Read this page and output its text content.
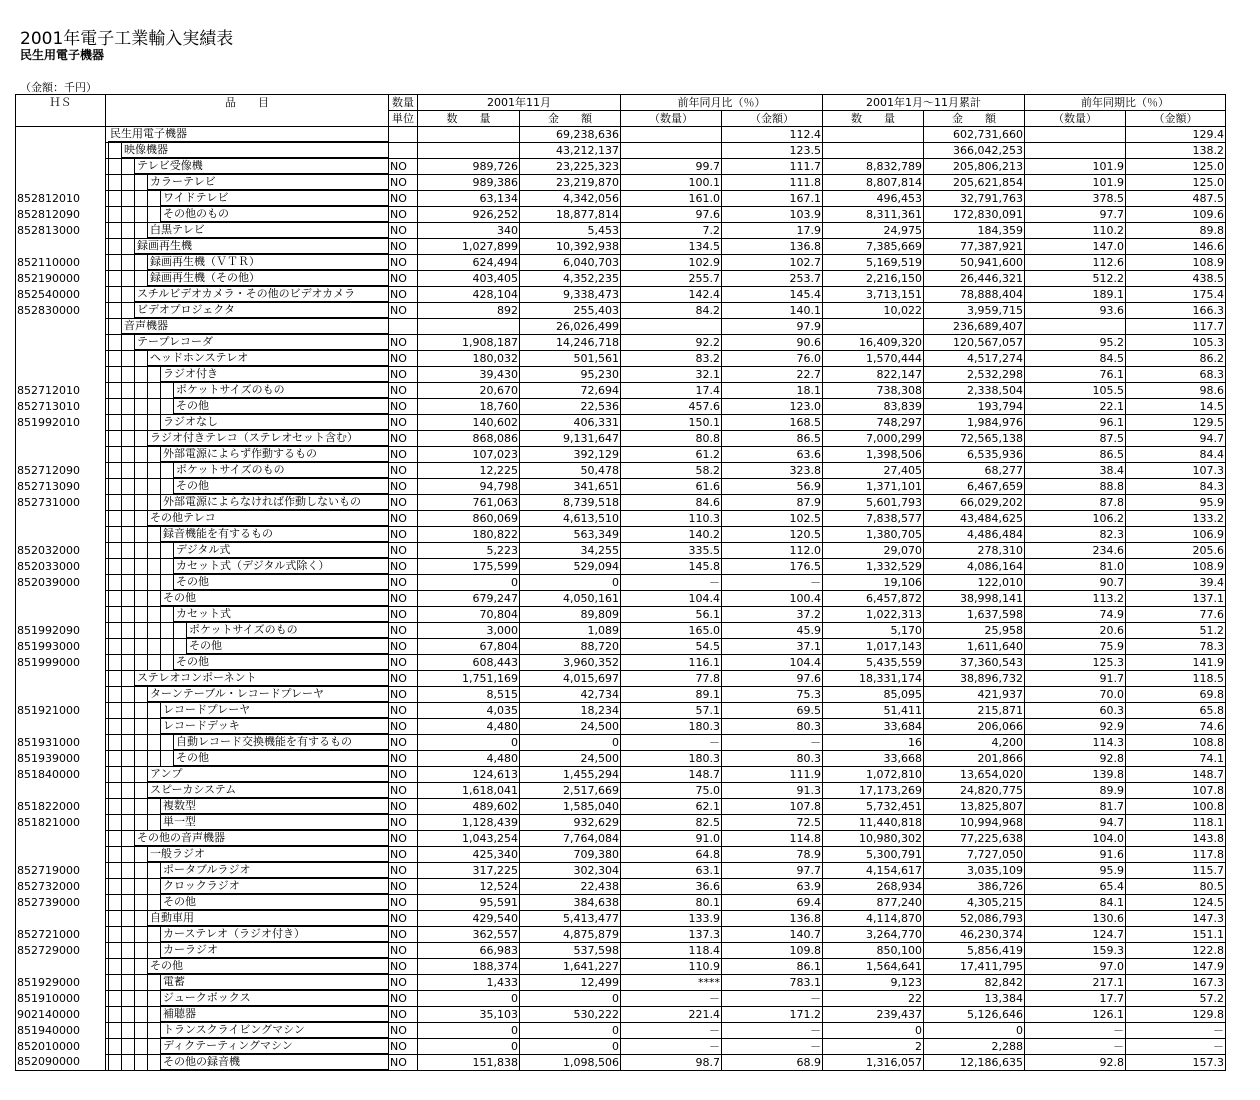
2001年電子工業輸入実績表
民生用電子機器
（金額：千円）
ＨＳ	品　　目	数量	2001年11月		前年同月比（％）		2001年1月～11月累計		前年同期比（％）	
		単位	数　　量	金　　額	（数量）	（金額）	数　　量	金　　額	（数量）	（金額）

	民生用電子機器			69,238,636		112.4		602,731,660		129.4

	映像機器			43,212,137		123.5		366,042,253		138.2

	テレビ受像機	NO	989,726	23,225,323	99.7	111.7	8,832,789	205,806,213	101.9	125.0

	カラーテレビ	NO	989,386	23,219,870	100.1	111.8	8,807,814	205,621,854	101.9	125.0
852812010	ワイドテレビ	NO	63,134	4,342,056	161.0	167.1	496,453	32,791,763	378.5	487.5
852812090	その他のもの	NO	926,252	18,877,814	97.6	103.9	8,311,361	172,830,091	97.7	109.6
852813000	白黒テレビ	NO	340	5,453	7.2	17.9	24,975	184,359	110.2	89.8

	録画再生機	NO	1,027,899	10,392,938	134.5	136.8	7,385,669	77,387,921	147.0	146.6
852110000	録画再生機（ＶＴＲ）	NO	624,494	6,040,703	102.9	102.7	5,169,519	50,941,600	112.6	108.9
852190000	録画再生機（その他）	NO	403,405	4,352,235	255.7	253.7	2,216,150	26,446,321	512.2	438.5
852540000	スチルビデオカメラ・その他のビデオカメラ	NO	428,104	9,338,473	142.4	145.4	3,713,151	78,888,404	189.1	175.4
852830000	ビデオプロジェクタ	NO	892	255,403	84.2	140.1	10,022	3,959,715	93.6	166.3

	音声機器			26,026,499		97.9		236,689,407		117.7

	テープレコーダ	NO	1,908,187	14,246,718	92.2	90.6	16,409,320	120,567,057	95.2	105.3

	ヘッドホンステレオ	NO	180,032	501,561	83.2	76.0	1,570,444	4,517,274	84.5	86.2

	ラジオ付き	NO	39,430	95,230	32.1	22.7	822,147	2,532,298	76.1	68.3
852712010	ポケットサイズのもの	NO	20,670	72,694	17.4	18.1	738,308	2,338,504	105.5	98.6
852713010	その他	NO	18,760	22,536	457.6	123.0	83,839	193,794	22.1	14.5
851992010	ラジオなし	NO	140,602	406,331	150.1	168.5	748,297	1,984,976	96.1	129.5

	ラジオ付きテレコ（ステレオセット含む）	NO	868,086	9,131,647	80.8	86.5	7,000,299	72,565,138	87.5	94.7

	外部電源によらず作動するもの	NO	107,023	392,129	61.2	63.6	1,398,506	6,535,936	86.5	84.4
852712090	ポケットサイズのもの	NO	12,225	50,478	58.2	323.8	27,405	68,277	38.4	107.3
852713090	その他	NO	94,798	341,651	61.6	56.9	1,371,101	6,467,659	88.8	84.3
852731000	外部電源によらなければ作動しないもの	NO	761,063	8,739,518	84.6	87.9	5,601,793	66,029,202	87.8	95.9

	その他テレコ	NO	860,069	4,613,510	110.3	102.5	7,838,577	43,484,625	106.2	133.2

	録音機能を有するもの	NO	180,822	563,349	140.2	120.5	1,380,705	4,486,484	82.3	106.9
852032000	デジタル式	NO	5,223	34,255	335.5	112.0	29,070	278,310	234.6	205.6
852033000	カセット式（デジタル式除く）	NO	175,599	529,094	145.8	176.5	1,332,529	4,086,164	81.0	108.9
852039000	その他	NO	0	0	－	－	19,106	122,010	90.7	39.4

	その他	NO	679,247	4,050,161	104.4	100.4	6,457,872	38,998,141	113.2	137.1

	カセット式	NO	70,804	89,809	56.1	37.2	1,022,313	1,637,598	74.9	77.6
851992090	ポケットサイズのもの	NO	3,000	1,089	165.0	45.9	5,170	25,958	20.6	51.2
851993000	その他	NO	67,804	88,720	54.5	37.1	1,017,143	1,611,640	75.9	78.3
851999000	その他	NO	608,443	3,960,352	116.1	104.4	5,435,559	37,360,543	125.3	141.9

	ステレオコンポーネント	NO	1,751,169	4,015,697	77.8	97.6	18,331,174	38,896,732	91.7	118.5

	ターンテーブル・レコードプレーヤ	NO	8,515	42,734	89.1	75.3	85,095	421,937	70.0	69.8
851921000	レコードプレーヤ	NO	4,035	18,234	57.1	69.5	51,411	215,871	60.3	65.8

	レコードデッキ	NO	4,480	24,500	180.3	80.3	33,684	206,066	92.9	74.6
851931000	自動レコード交換機能を有するもの	NO	0	0	－	－	16	4,200	114.3	108.8
851939000	その他	NO	4,480	24,500	180.3	80.3	33,668	201,866	92.8	74.1
851840000	アンプ	NO	124,613	1,455,294	148.7	111.9	1,072,810	13,654,020	139.8	148.7

	スピーカシステム	NO	1,618,041	2,517,669	75.0	91.3	17,173,269	24,820,775	89.9	107.8
851822000	複数型	NO	489,602	1,585,040	62.1	107.8	5,732,451	13,825,807	81.7	100.8
851821000	単一型	NO	1,128,439	932,629	82.5	72.5	11,440,818	10,994,968	94.7	118.1

	その他の音声機器	NO	1,043,254	7,764,084	91.0	114.8	10,980,302	77,225,638	104.0	143.8

	一般ラジオ	NO	425,340	709,380	64.8	78.9	5,300,791	7,727,050	91.6	117.8
852719000	ポータブルラジオ	NO	317,225	302,304	63.1	97.7	4,154,617	3,035,109	95.9	115.7
852732000	クロックラジオ	NO	12,524	22,438	36.6	63.9	268,934	386,726	65.4	80.5
852739000	その他	NO	95,591	384,638	80.1	69.4	877,240	4,305,215	84.1	124.5

	自動車用	NO	429,540	5,413,477	133.9	136.8	4,114,870	52,086,793	130.6	147.3
852721000	カーステレオ（ラジオ付き）	NO	362,557	4,875,879	137.3	140.7	3,264,770	46,230,374	124.7	151.1
852729000	カーラジオ	NO	66,983	537,598	118.4	109.8	850,100	5,856,419	159.3	122.8

	その他	NO	188,374	1,641,227	110.9	86.1	1,564,641	17,411,795	97.0	147.9
851929000	電蓄	NO	1,433	12,499	****	783.1	9,123	82,842	217.1	167.3
851910000	ジュークボックス	NO	0	0	－	－	22	13,384	17.7	57.2
902140000	補聴器	NO	35,103	530,222	221.4	171.2	239,437	5,126,646	126.1	129.8
851940000	トランスクライビングマシン	NO	0	0	－	－	0	0	－	－
852010000	ディクテーティングマシン	NO	0	0	－	－	2	2,288	－	－
852090000	その他の録音機	NO	151,838	1,098,506	98.7	68.9	1,316,057	12,186,635	92.8	157.3
